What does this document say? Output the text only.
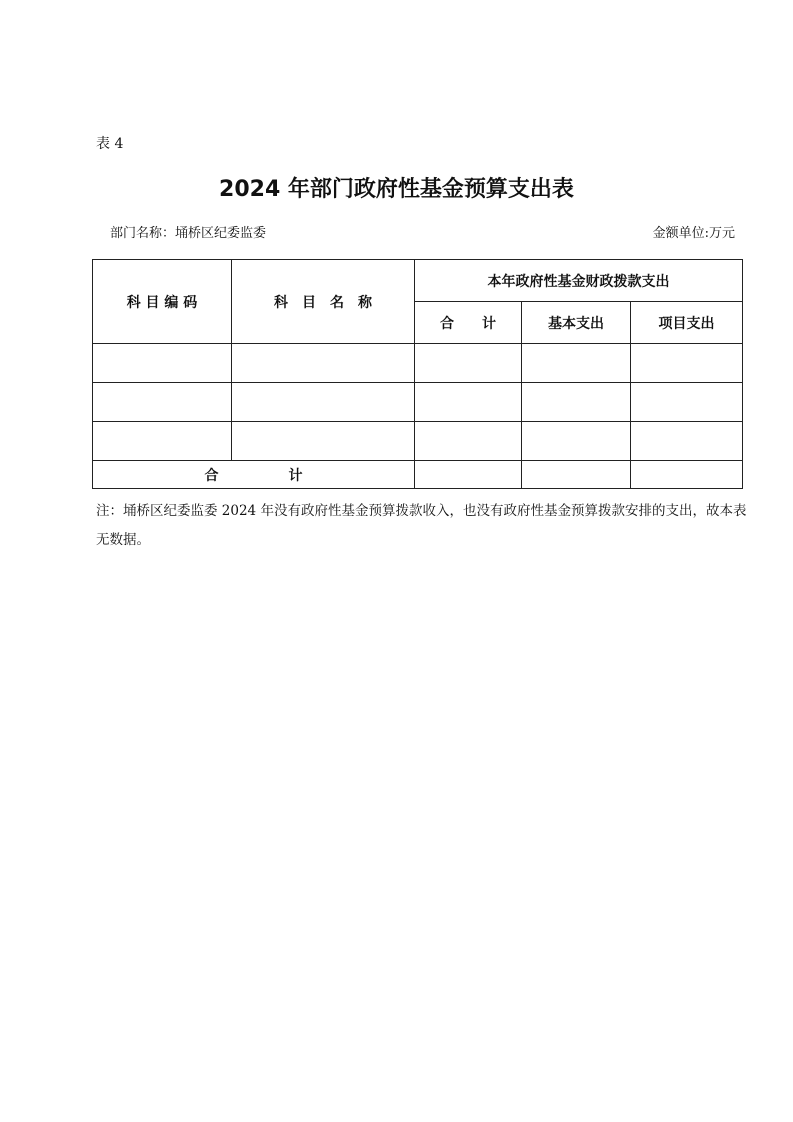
表 4
2024 年部门政府性基金预算支出表
部门名称：埇桥区纪委监委	金额单位:万元
科 目 编 码	科　目　名　称	本年政府性基金财政拨款支出		
		合　　计	基本支出	项目支出

合　　　　　计				
注：埇桥区纪委监委 2024 年没有政府性基金预算拨款收入，也没有政府性基金预算拨款安排的支出，故本表无数据。
